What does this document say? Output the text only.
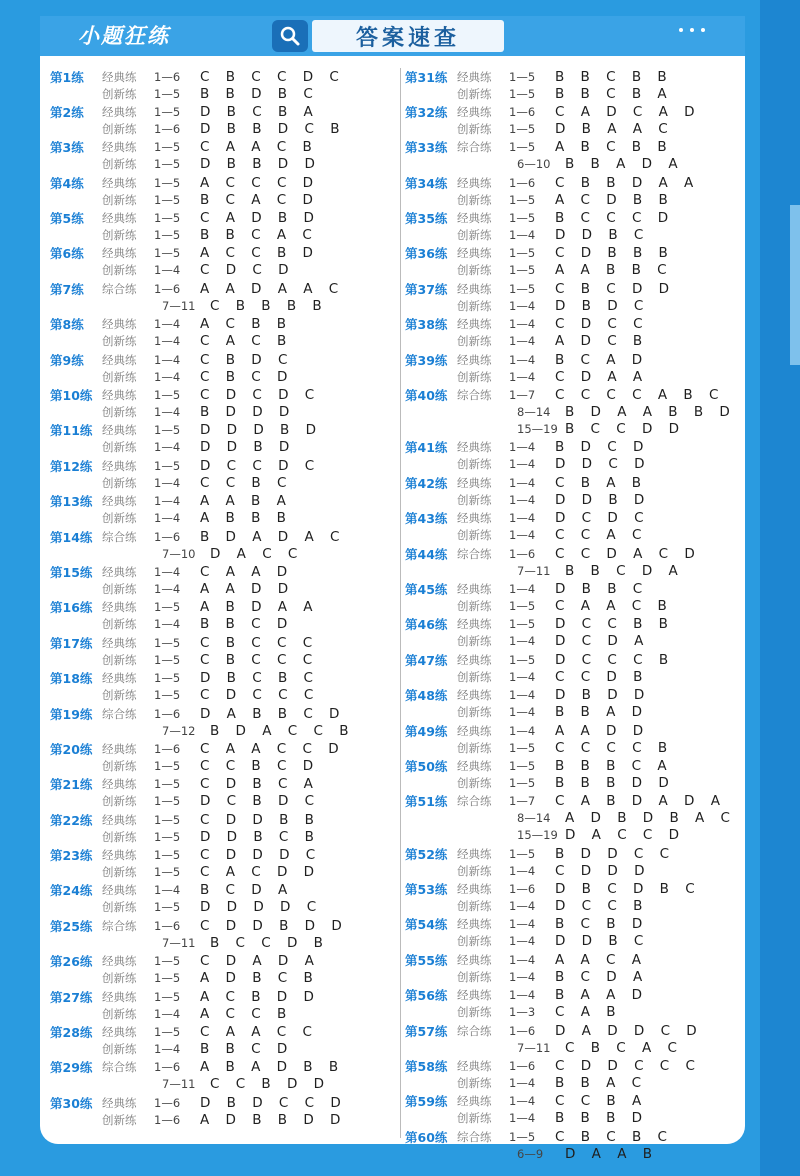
小题狂练	答案速查
第1练	经典练	1—6	C B C C D C
创新练	1—5	B B D B C
第2练	经典练	1—5	D B C B A
创新练	1—6	D B B D C B
第3练	经典练	1—5	C A A C B
创新练	1—5	D B B D D
第4练	经典练	1—5	A C C C D
创新练	1—5	B C A C D
第5练	经典练	1—5	C A D B D
创新练	1—5	B B C A C
第6练	经典练	1—5	A C C B D
创新练	1—4	C D C D
第7练	综合练	1—6	A A D A A C
7—11	C B B B B
第8练	经典练	1—4	A C B B
创新练	1—4	C A C B
第9练	经典练	1—4	C B D C
创新练	1—4	C B C D
第10练 经典练	1—5	C D C D C
创新练	1—4	B D D D
第11练 经典练	1—5	D D D B D
创新练	1—4	D D B D
第12练 经典练	1—5	D C C D C
创新练	1—4	C C B C
第13练 经典练	1—4	A A B A
创新练	1—4	A B B B
第14练 综合练	1—6	B D A D A C
7—10	D A C C
第15练 经典练	1—4	C A A D
创新练	1—4	A A D D
第16练 经典练	1—5	A B D A A
创新练	1—4	B B C D
第17练 经典练	1—5	C B C C C
创新练	1—5	C B C C C
第18练 经典练	1—5	D B C B C
创新练	1—5	C D C C C
第19练 综合练	1—6	D A B B C D
7—12	B D A C C B
第20练 经典练	1—6	C A A C C D
创新练	1—5	C C B C D
第21练 经典练	1—5	C D B C A
创新练	1—5	D C B D C
第22练 经典练	1—5	C D D B B
创新练	1—5	D D B C B
第23练 经典练	1—5	C D D D C
创新练	1—5	C A C D D
第24练 经典练	1—4	B C D A
创新练	1—5	D D D D C
第25练 综合练	1—6	C D D B D D
7—11	B C C D B
第26练 经典练	1—5	C D A D A
创新练	1—5	A D B C B
第27练 经典练	1—5	A C B D D
创新练	1—4	A C C B
第28练 经典练	1—5	C A A C C
创新练	1—4	B B C D
第29练 综合练	1—6	A B A D B B
7—11	C C B D D
第30练 经典练	1—6	D B D C C D
创新练	1—6	A D B B D D
第31练 经典练	1—5	B B C B B
创新练	1—5	B B C B A
第32练 经典练	1—6	C A D C A D
创新练	1—5	D B A A C
第33练 综合练	1—5	A B C B B
6—10	B B A D A
第34练 经典练	1—6	C B B D A A
创新练	1—5	A C D B B
第35练 经典练	1—5	B C C C D
创新练	1—4	D D B C
第36练 经典练	1—5	C D B B B
创新练	1—5	A A B B C
第37练 经典练	1—5	C B C D D
创新练	1—4	D B D C
第38练 经典练	1—4	C D C C
创新练	1—4	A D C B
第39练 经典练	1—4	B C A D
创新练	1—4	C D A A
第40练 综合练	1—7	C C C C A B C
8—14	B D A A B B D
15—19 B C C D D
第41练 经典练	1—4	B D C D
创新练	1—4	D D C D
第42练 经典练	1—4	C B A B
创新练	1—4	D D B D
第43练 经典练	1—4	D C D C
创新练	1—4	C C A C
第44练 综合练	1—6	C C D A C D
7—11	B B C D A
第45练 经典练	1—4	D B B C
创新练	1—5	C A A C B
第46练 经典练	1—5	D C C B B
创新练	1—4	D C D A
第47练 经典练	1—5	D C C C B
创新练	1—4	C C D B
第48练 经典练	1—4	D B D D
创新练	1—4	B B A D
第49练 经典练	1—4	A A D D
创新练	1—5	C C C C B
第50练 经典练	1—5	B B B C A
创新练	1—5	B B B D D
第51练 综合练	1—7	C A B D A D A
8—14	A D B D B A C
15—19 D A C C D
第52练 经典练	1—5	B D D C C
创新练	1—4	C D D D
第53练 经典练	1—6	D B C D B C
创新练	1—4	D C C B
第54练 经典练	1—4	B C B D
创新练	1—4	D D B C
第55练 经典练	1—4	A A C A
创新练	1—4	B C D A
第56练 经典练	1—4	B A A D
创新练	1—3	C A B
第57练 综合练	1—6	D A D D C D
7—11	C B C A C
第58练 经典练	1—6	C D D C C C
创新练	1—4	B B A C
第59练 经典练	1—4	C C B A
创新练	1—4	B B B D
第60练 综合练	1—5	C B C B C
6—9	D A A B
